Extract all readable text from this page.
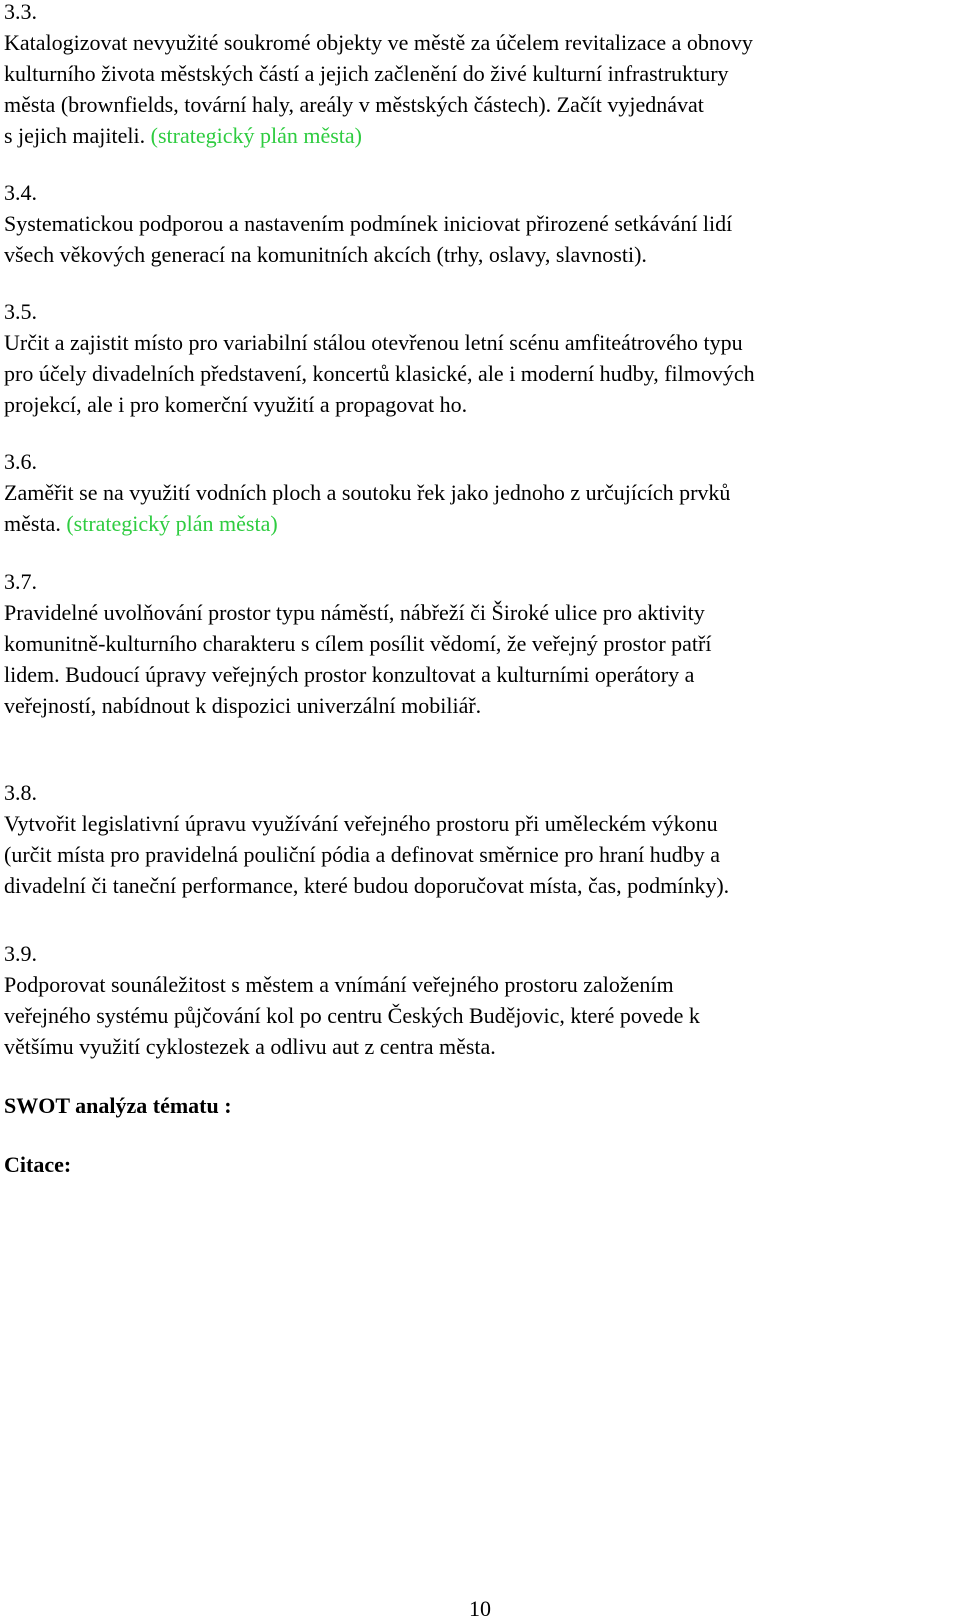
3.3.
Katalogizovat nevyužité soukromé objekty ve městě za účelem revitalizace a obnovy
kulturního života městských částí a jejich začlenění do živé kulturní infrastruktury
města (brownfields, tovární haly, areály v městských částech). Začít vyjednávat
s jejich majiteli. (strategický plán města)
3.4.
Systematickou podporou a nastavením podmínek iniciovat přirozené setkávání lidí
všech věkových generací na komunitních akcích (trhy, oslavy, slavnosti).
3.5.
Určit a zajistit místo pro variabilní stálou otevřenou letní scénu amfiteátrového typu
pro účely divadelních představení, koncertů klasické, ale i moderní hudby, filmových
projekcí, ale i pro komerční využití a propagovat ho.
3.6.
Zaměřit se na využití vodních ploch a soutoku řek jako jednoho z určujících prvků
města. (strategický plán města)
3.7.
Pravidelné uvolňování prostor typu náměstí, nábřeží či Široké ulice pro aktivity
komunitně-kulturního charakteru s cílem posílit vědomí, že veřejný prostor patří
lidem. Budoucí úpravy veřejných prostor konzultovat a kulturními operátory a
veřejností, nabídnout k dispozici univerzální mobiliář.
3.8.
Vytvořit legislativní úpravu využívání veřejného prostoru při uměleckém výkonu
(určit místa pro pravidelná pouliční pódia a definovat směrnice pro hraní hudby a
divadelní či taneční performance, které budou doporučovat místa, čas, podmínky).
3.9.
Podporovat sounáležitost s městem a vnímání veřejného prostoru založením
veřejného systému půjčování kol po centru Českých Budějovic, které povede k
většímu využití cyklostezek a odlivu aut z centra města.
SWOT analýza tématu :
Citace:
10
